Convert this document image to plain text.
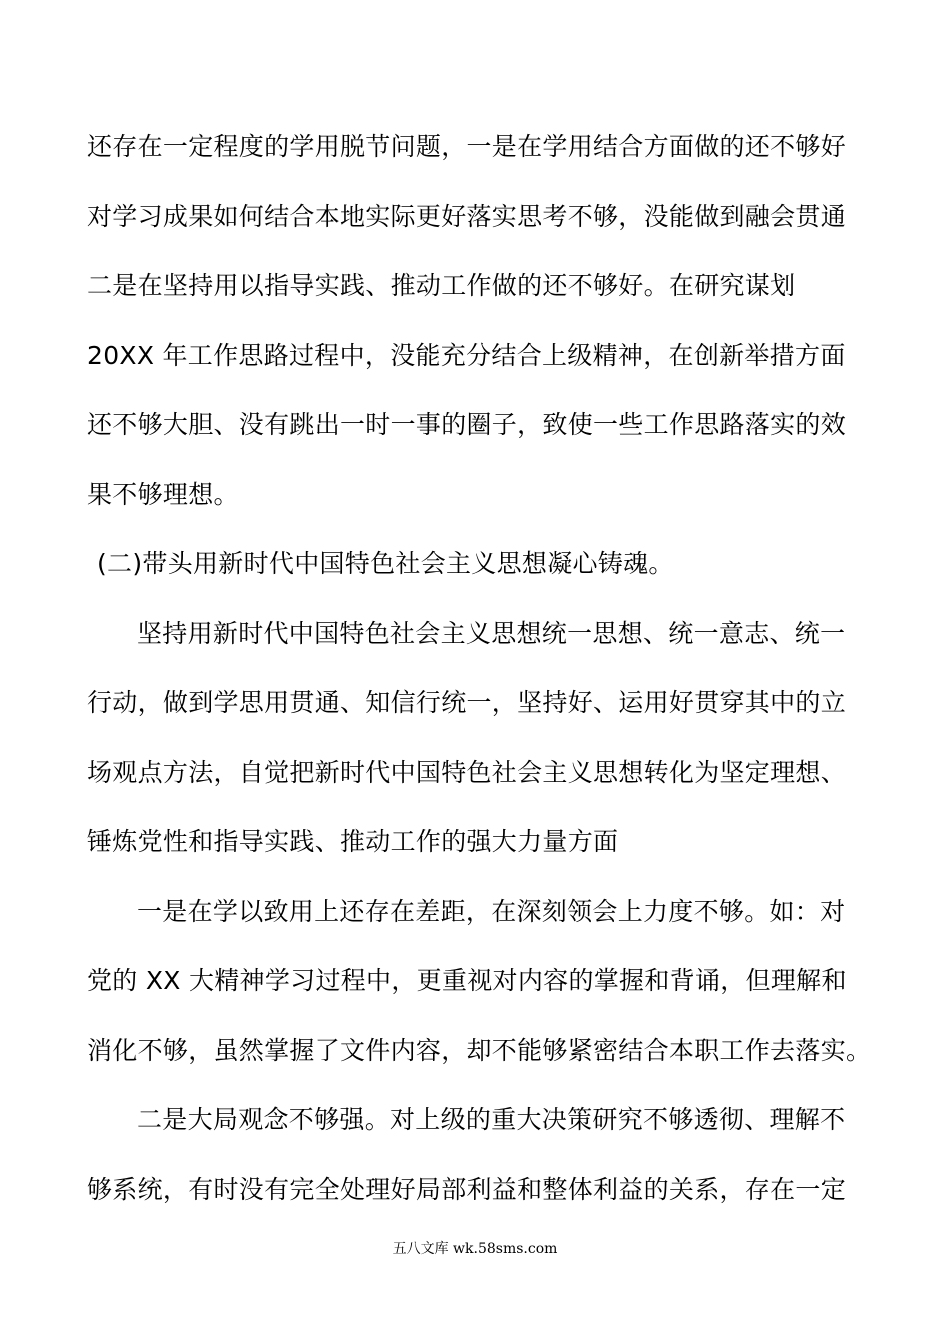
还存在一定程度的学用脱节问题，一是在学用结合方面做的还不够好
对学习成果如何结合本地实际更好落实思考不够，没能做到融会贯通
二是在坚持用以指导实践、推动工作做的还不够好。在研究谋划
20XX 年工作思路过程中，没能充分结合上级精神，在创新举措方面
还不够大胆、没有跳出一时一事的圈子，致使一些工作思路落实的效
果不够理想。
(二)带头用新时代中国特色社会主义思想凝心铸魂。
坚持用新时代中国特色社会主义思想统一思想、统一意志、统一
行动，做到学思用贯通、知信行统一，坚持好、运用好贯穿其中的立
场观点方法，自觉把新时代中国特色社会主义思想转化为坚定理想、
锤炼党性和指导实践、推动工作的强大力量方面
一是在学以致用上还存在差距，在深刻领会上力度不够。如：对
党的 XX 大精神学习过程中，更重视对内容的掌握和背诵，但理解和
消化不够，虽然掌握了文件内容，却不能够紧密结合本职工作去落实。
二是大局观念不够强。对上级的重大决策研究不够透彻、理解不
够系统，有时没有完全处理好局部利益和整体利益的关系，存在一定
五八文库 wk.58sms.com
